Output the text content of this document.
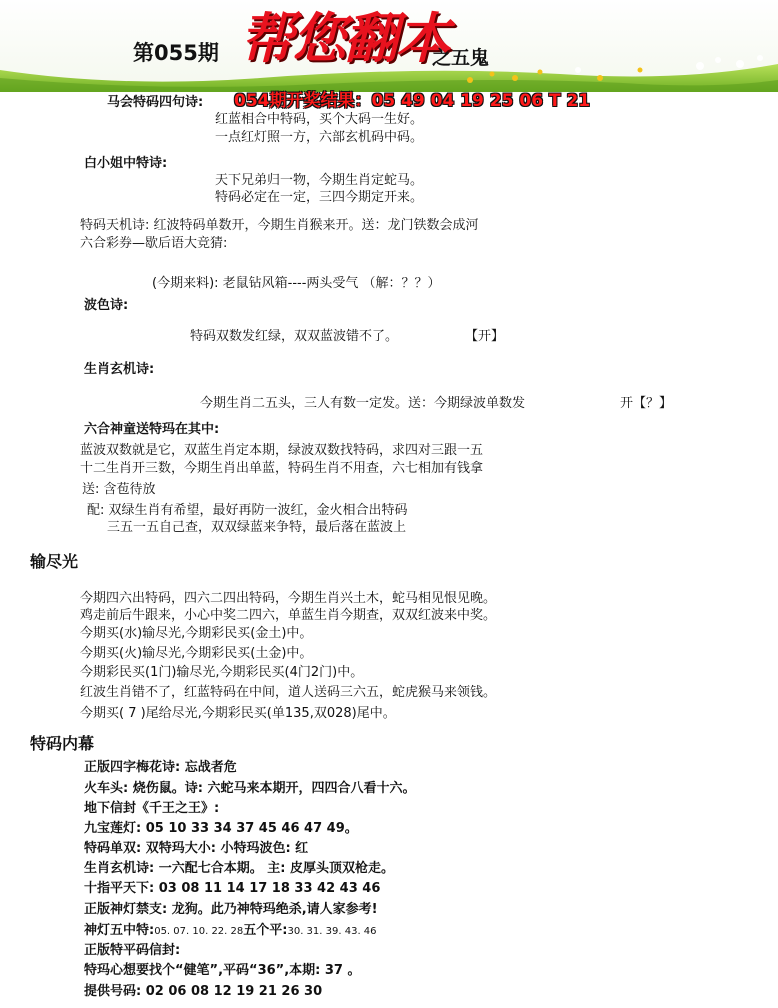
第055期 帮您翻本
之五鬼
054期开奖结果：05 49 04 19 25 06 T 21
马会特码四句诗:
红蓝相合中特码，买个大码一生好。
一点红灯照一方，六部玄机码中码。
白小姐中特诗:
天下兄弟归一物，今期生肖定蛇马。
特码必定在一定，三四今期定开来。
特码天机诗: 红波特码单数开，今期生肖猴来开。送：龙门铁数会成河
六合彩券—歇后语大竞猜:
(今期来料): 老鼠钻风箱----两头受气 （解：？？）
波色诗:
特码双数发红绿，双双蓝波错不了。	【开】
生肖玄机诗:
今期生肖二五头，三人有数一定发。送：今期绿波单数发	开【？】
六合神童送特玛在其中:
蓝波双数就是它，双蓝生肖定本期，绿波双数找特码，求四对三跟一五
十二生肖开三数，今期生肖出单蓝，特码生肖不用查，六七相加有钱拿
送: 含苞待放
配: 双绿生肖有希望，最好再防一波红，金火相合出特码
三五一五自己查，双双绿蓝来争特，最后落在蓝波上
输尽光
今期四六出特码，四六二四出特码，今期生肖兴土木，蛇马相见恨见晚。
鸡走前后牛跟来，小心中奖二四六，单蓝生肖今期查，双双红波来中奖。
今期买(水)输尽光,今期彩民买(金土)中。
今期买(火)输尽光,今期彩民买(土金)中。
今期彩民买(1门)输尽光,今期彩民买(4门2门)中。
红波生肖错不了，红蓝特码在中间，道人送码三六五，蛇虎猴马来领钱。
今期买( 7 )尾给尽光,今期彩民买(单135,双028)尾中。
特码内幕
正版四字梅花诗: 忘战者危
火车头: 烧伤鼠。诗: 六蛇马来本期开，四四合八看十六。
地下信封《千王之王》:
九宝莲灯: 05 10 33 34 37 45 46 47 49。
特码单双: 双特玛大小: 小特玛波色: 红
生肖玄机诗: 一六配七合本期。 主: 皮厚头顶双枪走。
十指平天下: 03 08 11 14 17 18 33 42 43 46
正版神灯禁支: 龙狗。此乃神特玛绝杀,请人家参考!
神灯五中特:05. 07. 10. 22. 28五个平:30. 31. 39. 43. 46
正版特平码信封:
特玛心想要找个“健笔”,平码“36”,本期: 37 。
提供号码: 02 06 08 12 19 21 26 30
